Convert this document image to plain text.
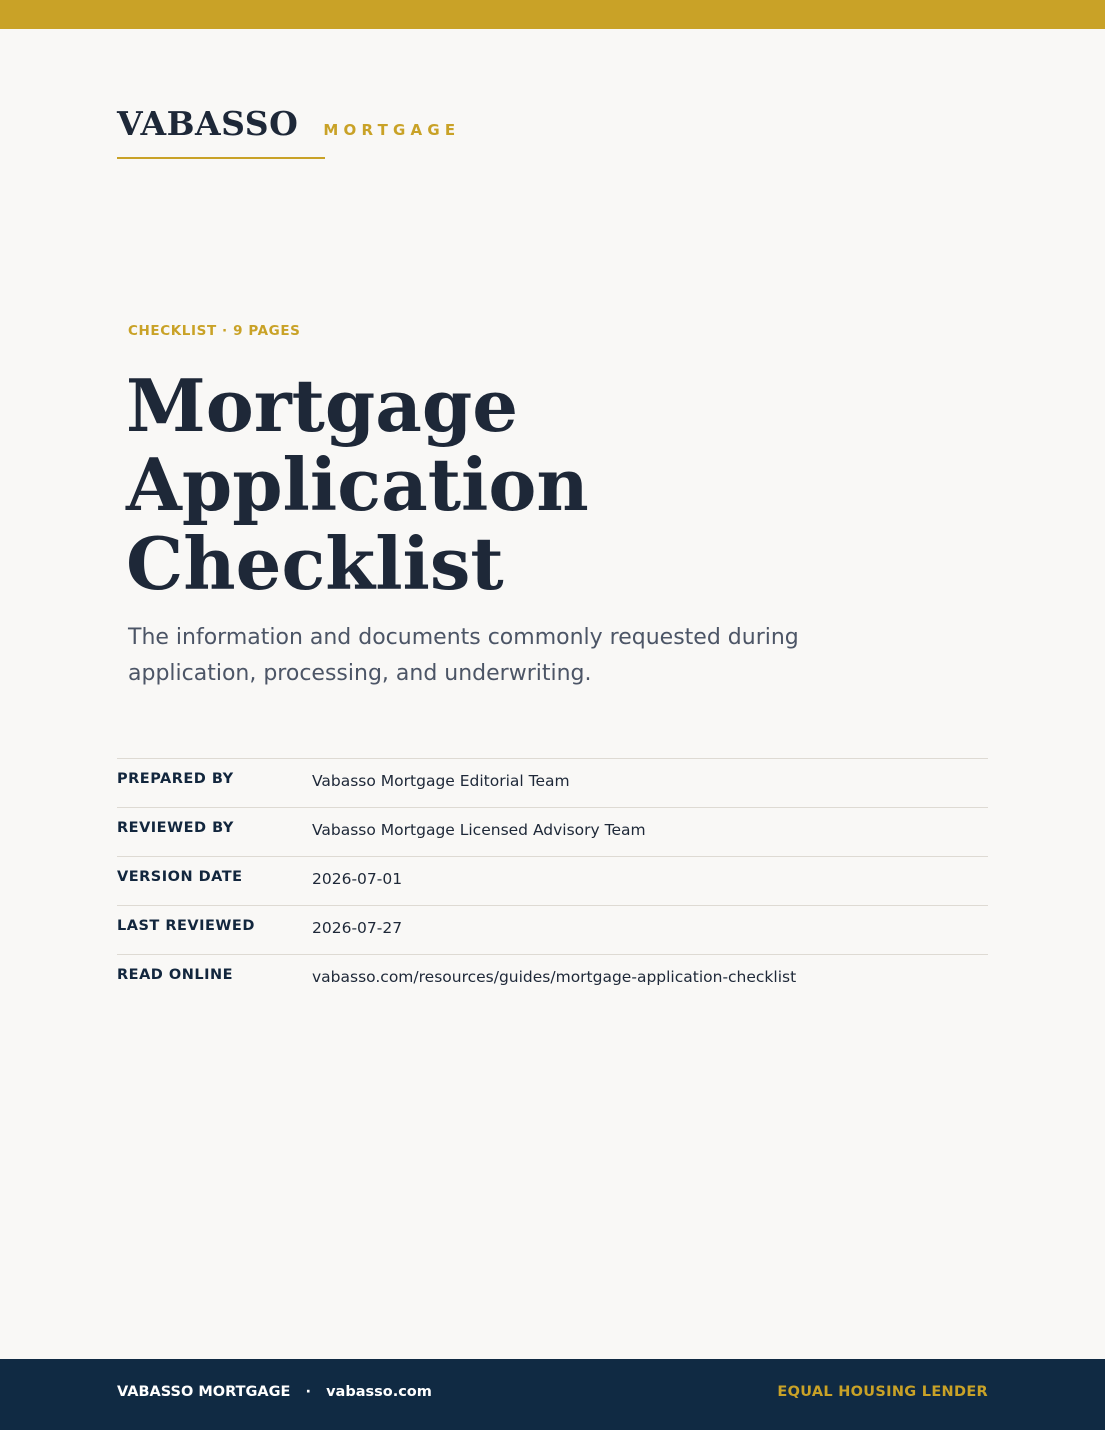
VABASSO MORTGAGE
CHECKLIST · 9 PAGES
Mortgage
Application
Checklist

The information and documents commonly requested during application, processing, and underwriting.

PREPARED BY	Vabasso Mortgage Editorial Team
REVIEWED BY	Vabasso Mortgage Licensed Advisory Team
VERSION DATE	2026-07-01
LAST REVIEWED	2026-07-27
READ ONLINE	vabasso.com/resources/guides/mortgage-application-checklist
VABASSO MORTGAGE · vabasso.com	EQUAL HOUSING LENDER
